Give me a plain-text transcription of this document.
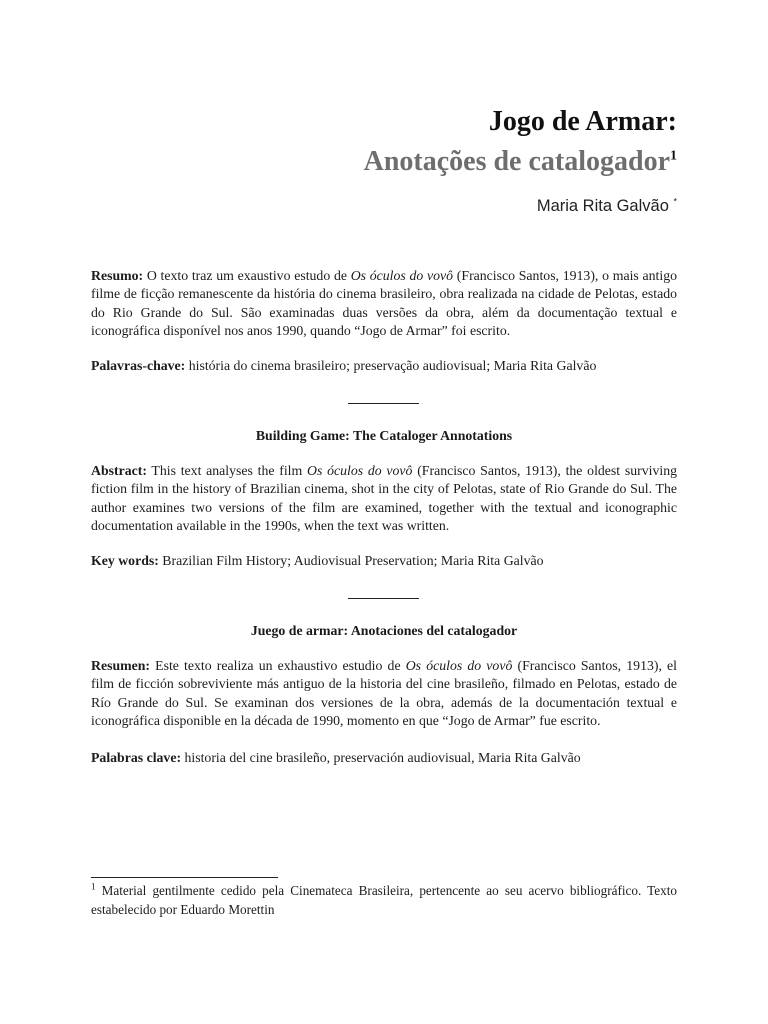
Jogo de Armar:
Anotações de catalogador$^1$

Maria Rita Galvão *

Resumo: O texto traz um exaustivo estudo de Os óculos do vovô (Francisco Santos, 1913), o mais antigo filme de ficção remanescente da história do cinema brasileiro, obra realizada na cidade de Pelotas, estado do Rio Grande do Sul. São examinadas duas versões da obra, além da documentação textual e iconográfica disponível nos anos 1990, quando “Jogo de Armar” foi escrito.

Palavras-chave: história do cinema brasileiro; preservação audiovisual; Maria Rita Galvão

Building Game: The Cataloger Annotations

Abstract: This text analyses the film Os óculos do vovô (Francisco Santos, 1913), the oldest surviving fiction film in the history of Brazilian cinema, shot in the city of Pelotas, state of Rio Grande do Sul. The author examines two versions of the film are examined, together with the textual and iconographic documentation available in the 1990s, when the text was written.

Key words: Brazilian Film History; Audiovisual Preservation; Maria Rita Galvão

Juego de armar: Anotaciones del catalogador

Resumen: Este texto realiza un exhaustivo estudio de Os óculos do vovô (Francisco Santos, 1913), el film de ficción sobreviviente más antiguo de la historia del cine brasileño, filmado en Pelotas, estado de Río Grande do Sul. Se examinan dos versiones de la obra, además de la documentación textual e iconográfica disponible en la década de 1990, momento en que “Jogo de Armar” fue escrito.

Palabras clave: historia del cine brasileño, preservación audiovisual, Maria Rita Galvão

$^1$ Material gentilmente cedido pela Cinemateca Brasileira, pertencente ao seu acervo bibliográfico. Texto estabelecido por Eduardo Morettin
